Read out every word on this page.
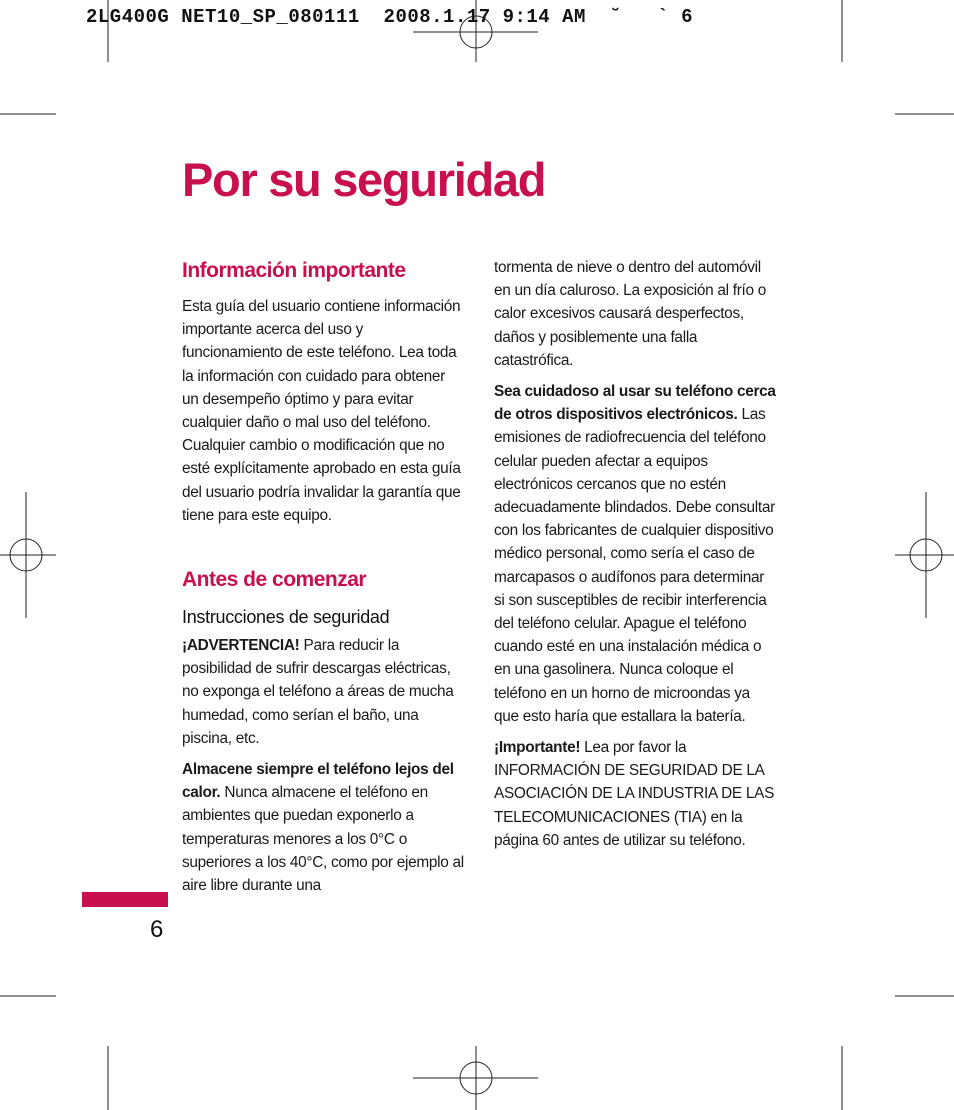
2LG400G NET10_SP_080111  2008.1.17 9:14 AM  ˘   ` 6
Por su seguridad
Información importante

Esta guía del usuario contiene información importante acerca del uso y funcionamiento de este teléfono. Lea toda la información con cuidado para obtener un desempeño óptimo y para evitar cualquier daño o mal uso del teléfono. Cualquier cambio o modificación que no esté explícitamente aprobado en esta guía del usuario podría invalidar la garantía que tiene para este equipo.

Antes de comenzar
Instrucciones de seguridad

¡ADVERTENCIA! Para reducir la posibilidad de sufrir descargas eléctricas, no exponga el teléfono a áreas de mucha humedad, como serían el baño, una piscina, etc.

Almacene siempre el teléfono lejos del calor. Nunca almacene el teléfono en ambientes que puedan exponerlo a temperaturas menores a los 0°C o superiores a los 40°C, como por ejemplo al aire libre durante una

tormenta de nieve o dentro del automóvil en un día caluroso. La exposición al frío o calor excesivos causará desperfectos, daños y posiblemente una falla catastrófica.

Sea cuidadoso al usar su teléfono cerca de otros dispositivos electrónicos. Las emisiones de radiofrecuencia del teléfono celular pueden afectar a equipos electrónicos cercanos que no estén adecuadamente blindados. Debe consultar con los fabricantes de cualquier dispositivo médico personal, como sería el caso de marcapasos o audífonos para determinar si son susceptibles de recibir interferencia del teléfono celular. Apague el teléfono cuando esté en una instalación médica o en una gasolinera. Nunca coloque el teléfono en un horno de microondas ya que esto haría que estallara la batería.

¡Importante! Lea por favor la INFORMACIÓN DE SEGURIDAD DE LA ASOCIACIÓN DE LA INDUSTRIA DE LAS TELECOMUNICACIONES (TIA) en la página 60 antes de utilizar su teléfono.

6
